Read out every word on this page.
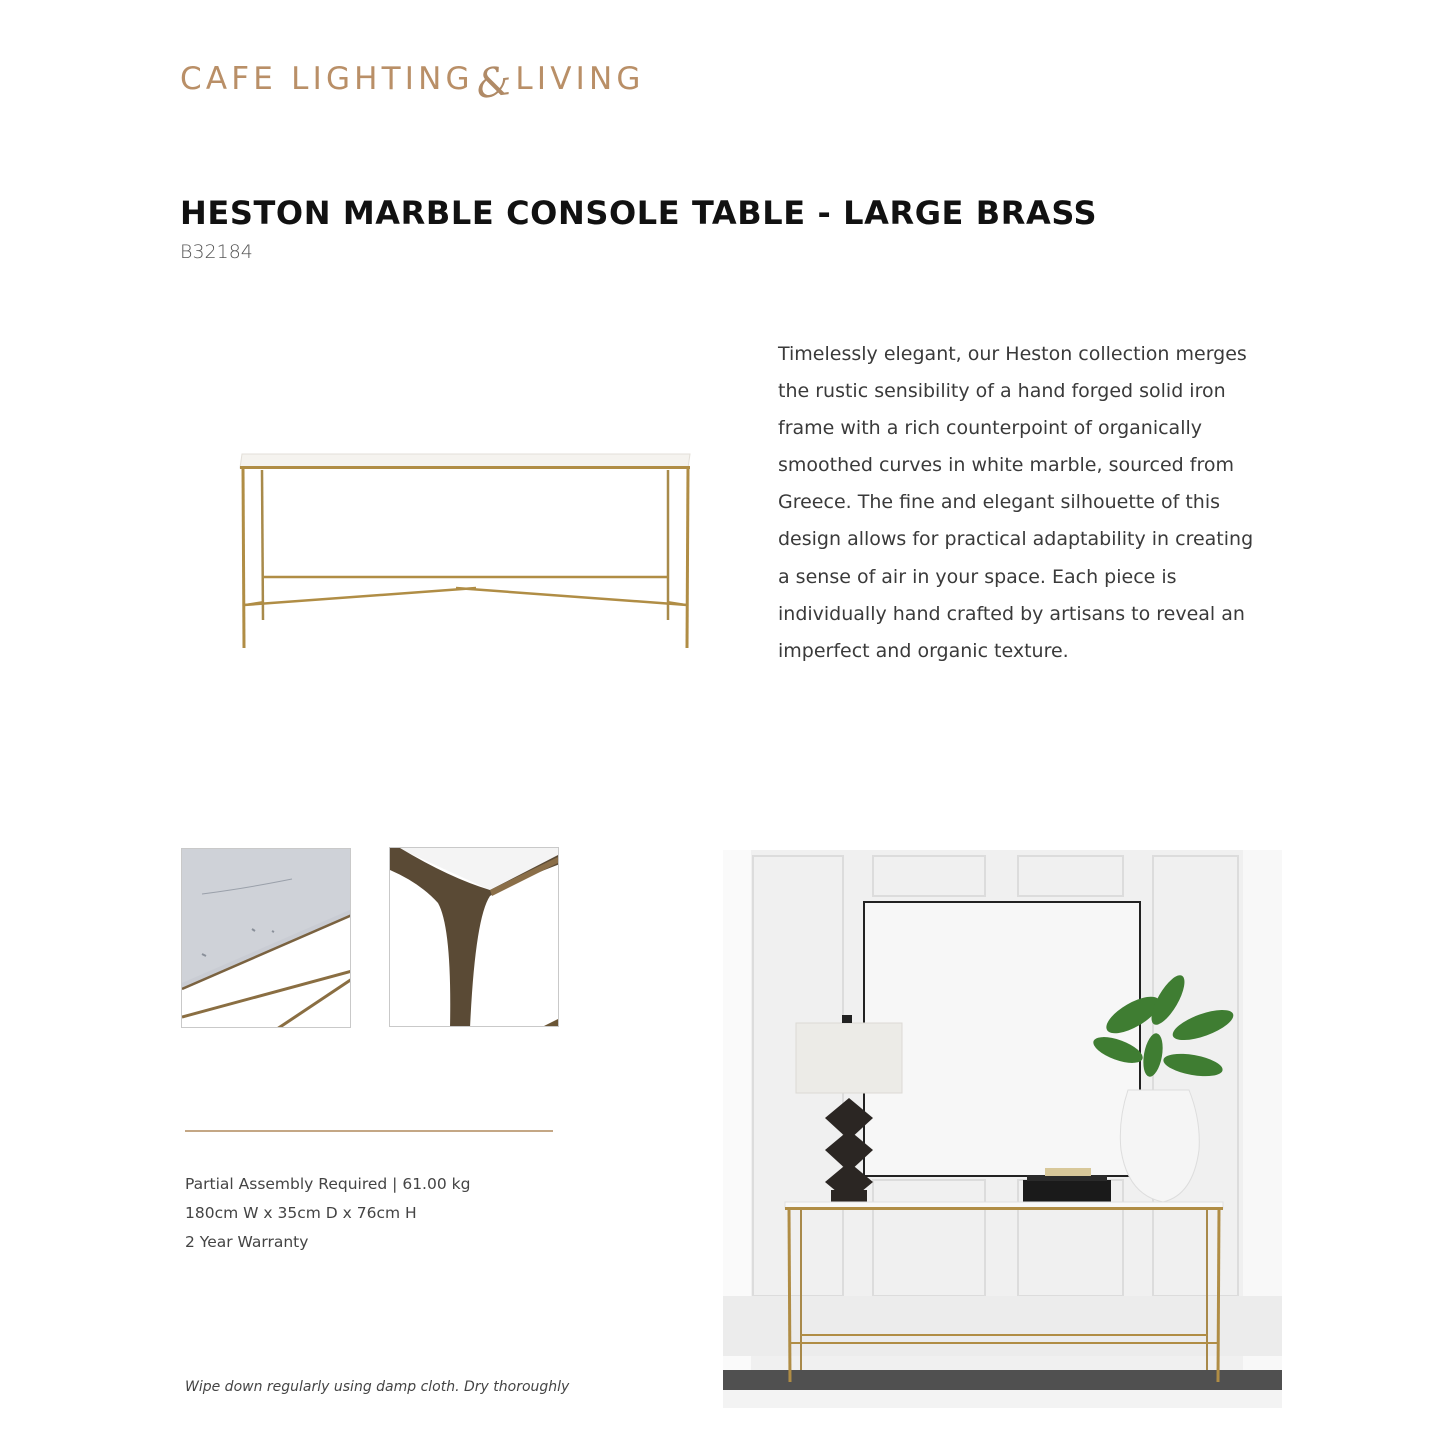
CAFE LIGHTING
& LIVING
HESTON MARBLE CONSOLE TABLE - LARGE BRASS
B32184
Timelessly elegant, our Heston collection merges
the rustic sensibility of a hand forged solid iron
frame with a rich counterpoint of organically
smoothed curves in white marble, sourced from
Greece. The fine and elegant silhouette of this
design allows for practical adaptability in creating
a sense of air in your space. Each piece is
individually hand crafted by artisans to reveal an
imperfect and organic texture.
Partial Assembly Required | 61.00 kg
180cm W x 35cm D x 76cm H
2 Year Warranty
Wipe down regularly using damp cloth. Dry thoroughly
